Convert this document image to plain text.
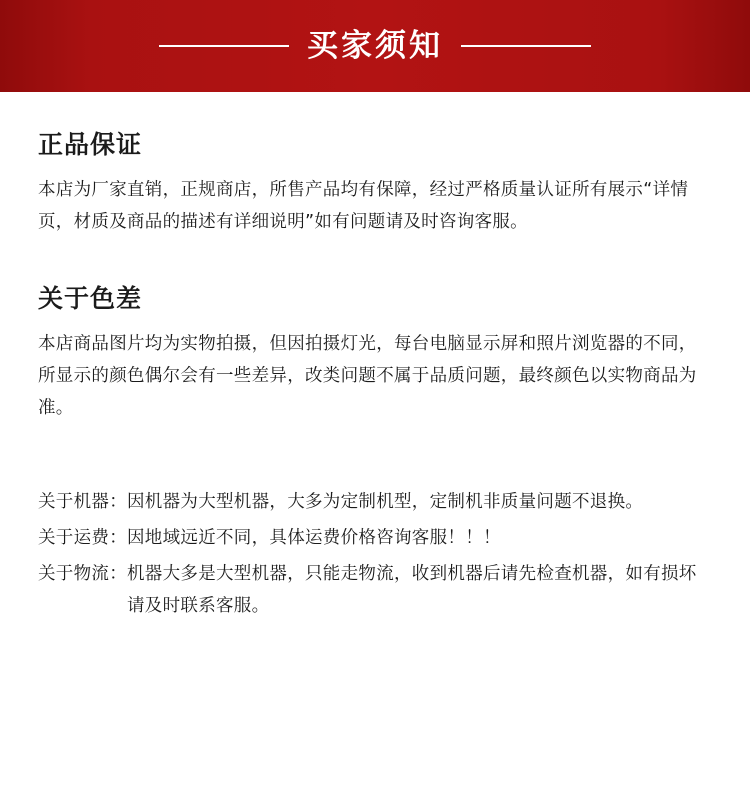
买家须知
正品保证
本店为厂家直销，正规商店，所售产品均有保障，经过严格质量认证所有展示“详情页，材质及商品的描述有详细说明”如有问题请及时咨询客服。
关于色差
本店商品图片均为实物拍摄，但因拍摄灯光，每台电脑显示屏和照片浏览器的不同，所显示的颜色偶尔会有一些差异，改类问题不属于品质问题，最终颜色以实物商品为准。
关于机器： 因机器为大型机器，大多为定制机型，定制机非质量问题不退换。
关于运费： 因地域远近不同，具体运费价格咨询客服！！！
关于物流： 机器大多是大型机器，只能走物流，收到机器后请先检查机器，如有损坏请及时联系客服。
